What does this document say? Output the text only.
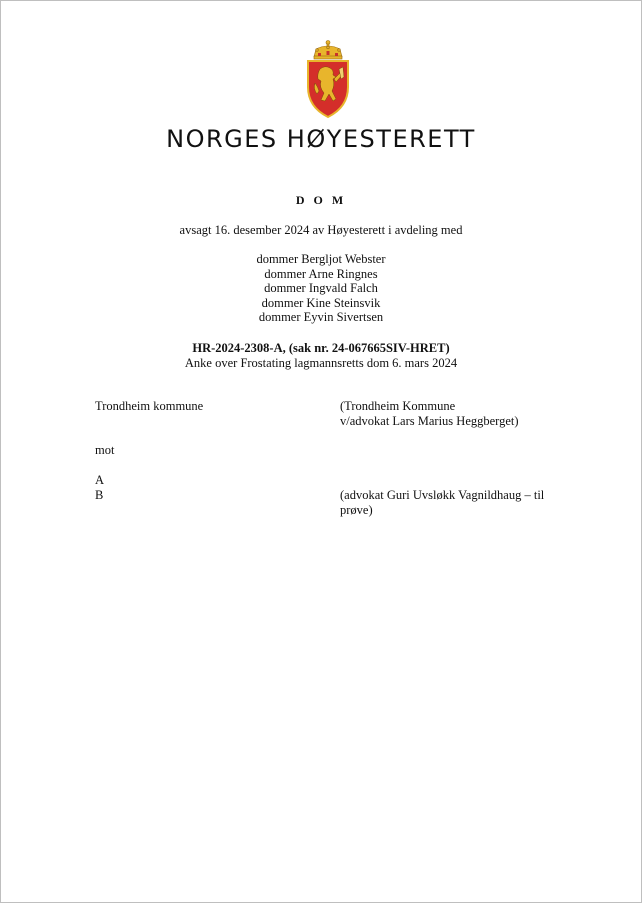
NORGES HØYESTERETT
D O M
avsagt 16. desember 2024 av Høyesterett i avdeling med
dommer Bergljot Webster
dommer Arne Ringnes
dommer Ingvald Falch
dommer Kine Steinsvik
dommer Eyvin Sivertsen
HR-2024-2308-A, (sak nr. 24-067665SIV-HRET)
Anke over Frostating lagmannsretts dom 6. mars 2024
Trondheim kommune	(Trondheim Kommune
v/advokat Lars Marius Heggberget)
mot
A
B	(advokat Guri Uvsløkk Vagnildhaug – til
prøve)
